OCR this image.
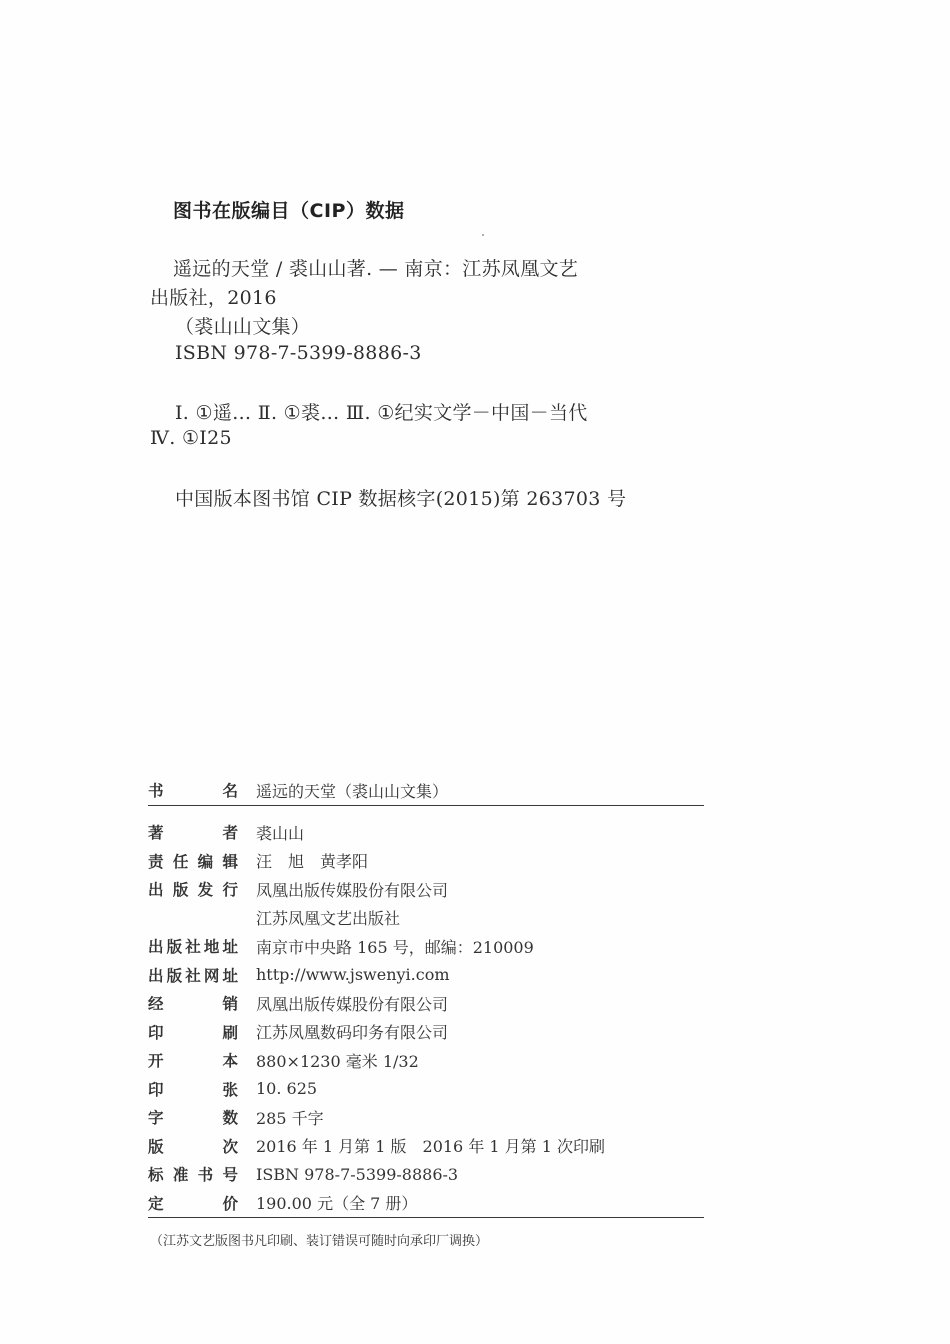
图书在版编目（CIP）数据
遥远的天堂 / 裘山山著. — 南京：江苏凤凰文艺
出版社，2016
（裘山山文集）
ISBN 978-7-5399-8886-3
Ⅰ. ①遥… Ⅱ. ①裘… Ⅲ. ①纪实文学－中国－当代
Ⅳ. ①I25
中国版本图书馆 CIP 数据核字(2015)第 263703 号
书	名 遥远的天堂（裘山山文集）
著	者 裘山山
责 任 编 辑 汪　旭　黄孝阳
出 版 发 行 凤凰出版传媒股份有限公司
江苏凤凰文艺出版社
出 版 社 地 址 南京市中央路 165 号，邮编：210009
出 版 社 网 址 http://www.jswenyi.com
经	销 凤凰出版传媒股份有限公司
印	刷 江苏凤凰数码印务有限公司
开	本 880×1230 毫米 1/32
印	张 10. 625
字	数 285 千字
版	次 2016 年 1 月第 1 版　2016 年 1 月第 1 次印刷
标 准 书 号 ISBN 978-7-5399-8886-3
定	价 190.00 元（全 7 册）
（江苏文艺版图书凡印刷、装订错误可随时向承印厂调换）
